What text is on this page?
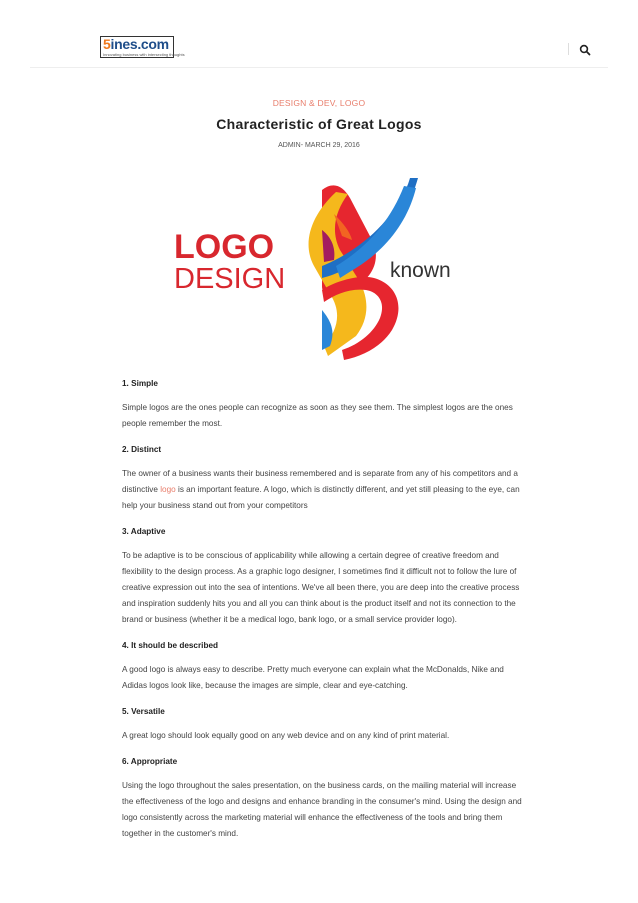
5ines.com
Innovating business with intersecting thoughts
DESIGN & DEV, LOGO
Characteristic of Great Logos
ADMIN- MARCH 29, 2016
LOGO
DESIGN	known
1. Simple

Simple logos are the ones people can recognize as soon as they see them. The simplest logos are the ones people remember the most.

2. Distinct

The owner of a business wants their business remembered and is separate from any of his competitors and a distinctive logo is an important feature. A logo, which is distinctly different, and yet still pleasing to the eye, can help your business stand out from your competitors

3. Adaptive

To be adaptive is to be conscious of applicability while allowing a certain degree of creative freedom and flexibility to the design process. As a graphic logo designer, I sometimes find it difficult not to follow the lure of creative expression out into the sea of intentions. We've all been there, you are deep into the creative process and inspiration suddenly hits you and all you can think about is the product itself and not its connection to the brand or business (whether it be a medical logo, bank logo, or a small service provider logo).

4. It should be described

A good logo is always easy to describe. Pretty much everyone can explain what the McDonalds, Nike and Adidas logos look like, because the images are simple, clear and eye-catching.

5. Versatile

A great logo should look equally good on any web device and on any kind of print material.

6. Appropriate

Using the logo throughout the sales presentation, on the business cards, on the mailing material will increase the effectiveness of the logo and designs and enhance branding in the consumer's mind. Using the design and logo consistently across the marketing material will enhance the effectiveness of the tools and bring them together in the customer's mind.
